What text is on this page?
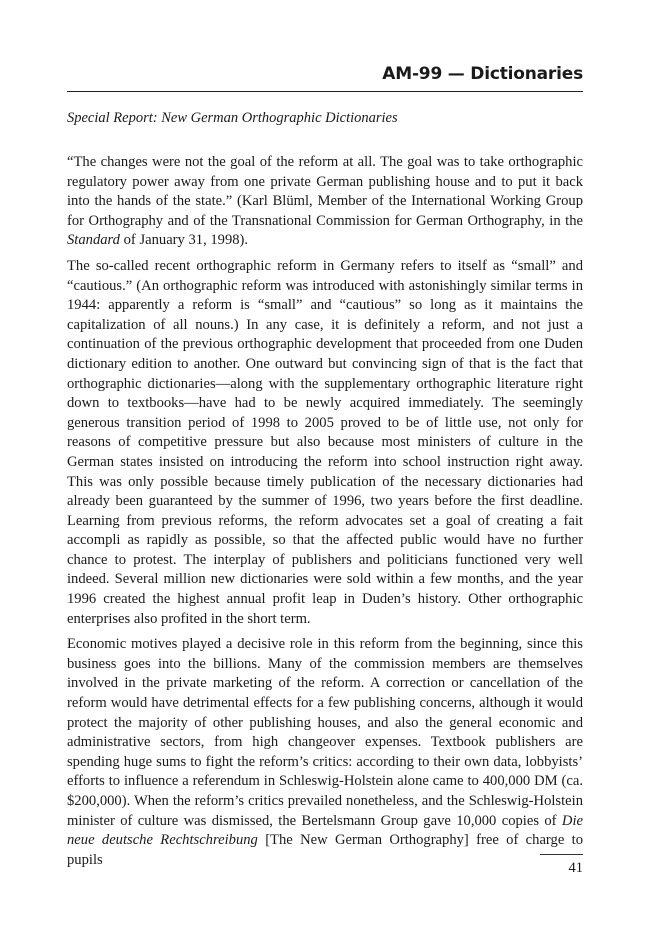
AM-99 — Dictionaries
Special Report: New German Orthographic Dictionaries

“The changes were not the goal of the reform at all. The goal was to take orthographic regulatory power away from one private German publishing house and to put it back into the hands of the state.” (Karl Blüml, Member of the International Working Group for Orthography and of the Transnational Commission for German Orthography, in the Standard of January 31, 1998).

The so-called recent orthographic reform in Germany refers to itself as “small” and “cautious.” (An orthographic reform was introduced with astonishingly similar terms in 1944: apparently a reform is “small” and “cautious” so long as it maintains the capitalization of all nouns.) In any case, it is definitely a reform, and not just a continuation of the previous orthographic development that proceeded from one Duden dictionary edition to another. One outward but convincing sign of that is the fact that orthographic dictionaries—along with the supplementary orthographic literature right down to textbooks—have had to be newly acquired immediately. The seemingly generous transition period of 1998 to 2005 proved to be of little use, not only for reasons of competitive pressure but also because most ministers of culture in the German states insisted on introducing the reform into school instruction right away. This was only possible because timely publication of the necessary dictionaries had already been guaranteed by the summer of 1996, two years before the first deadline. Learning from previous reforms, the reform advocates set a goal of creating a fait accompli as rapidly as possible, so that the affected public would have no further chance to protest. The interplay of publishers and politicians functioned very well indeed. Several million new dictionaries were sold within a few months, and the year 1996 created the highest annual profit leap in Duden’s history. Other orthographic enterprises also profited in the short term.

Economic motives played a decisive role in this reform from the beginning, since this business goes into the billions. Many of the commission members are themselves involved in the private marketing of the reform. A correction or cancellation of the reform would have detrimental effects for a few publishing concerns, although it would protect the majority of other publishing houses, and also the general economic and administrative sectors, from high changeover expenses. Textbook publishers are spending huge sums to fight the reform’s critics: according to their own data, lobbyists’ efforts to influence a referendum in Schleswig-Holstein alone came to 400,000 DM (ca. $200,000). When the reform’s critics prevailed nonetheless, and the Schleswig-Holstein minister of culture was dismissed, the Bertelsmann Group gave 10,000 copies of Die neue deutsche Rechtschreibung [The New German Orthography] free of charge to pupils

41
